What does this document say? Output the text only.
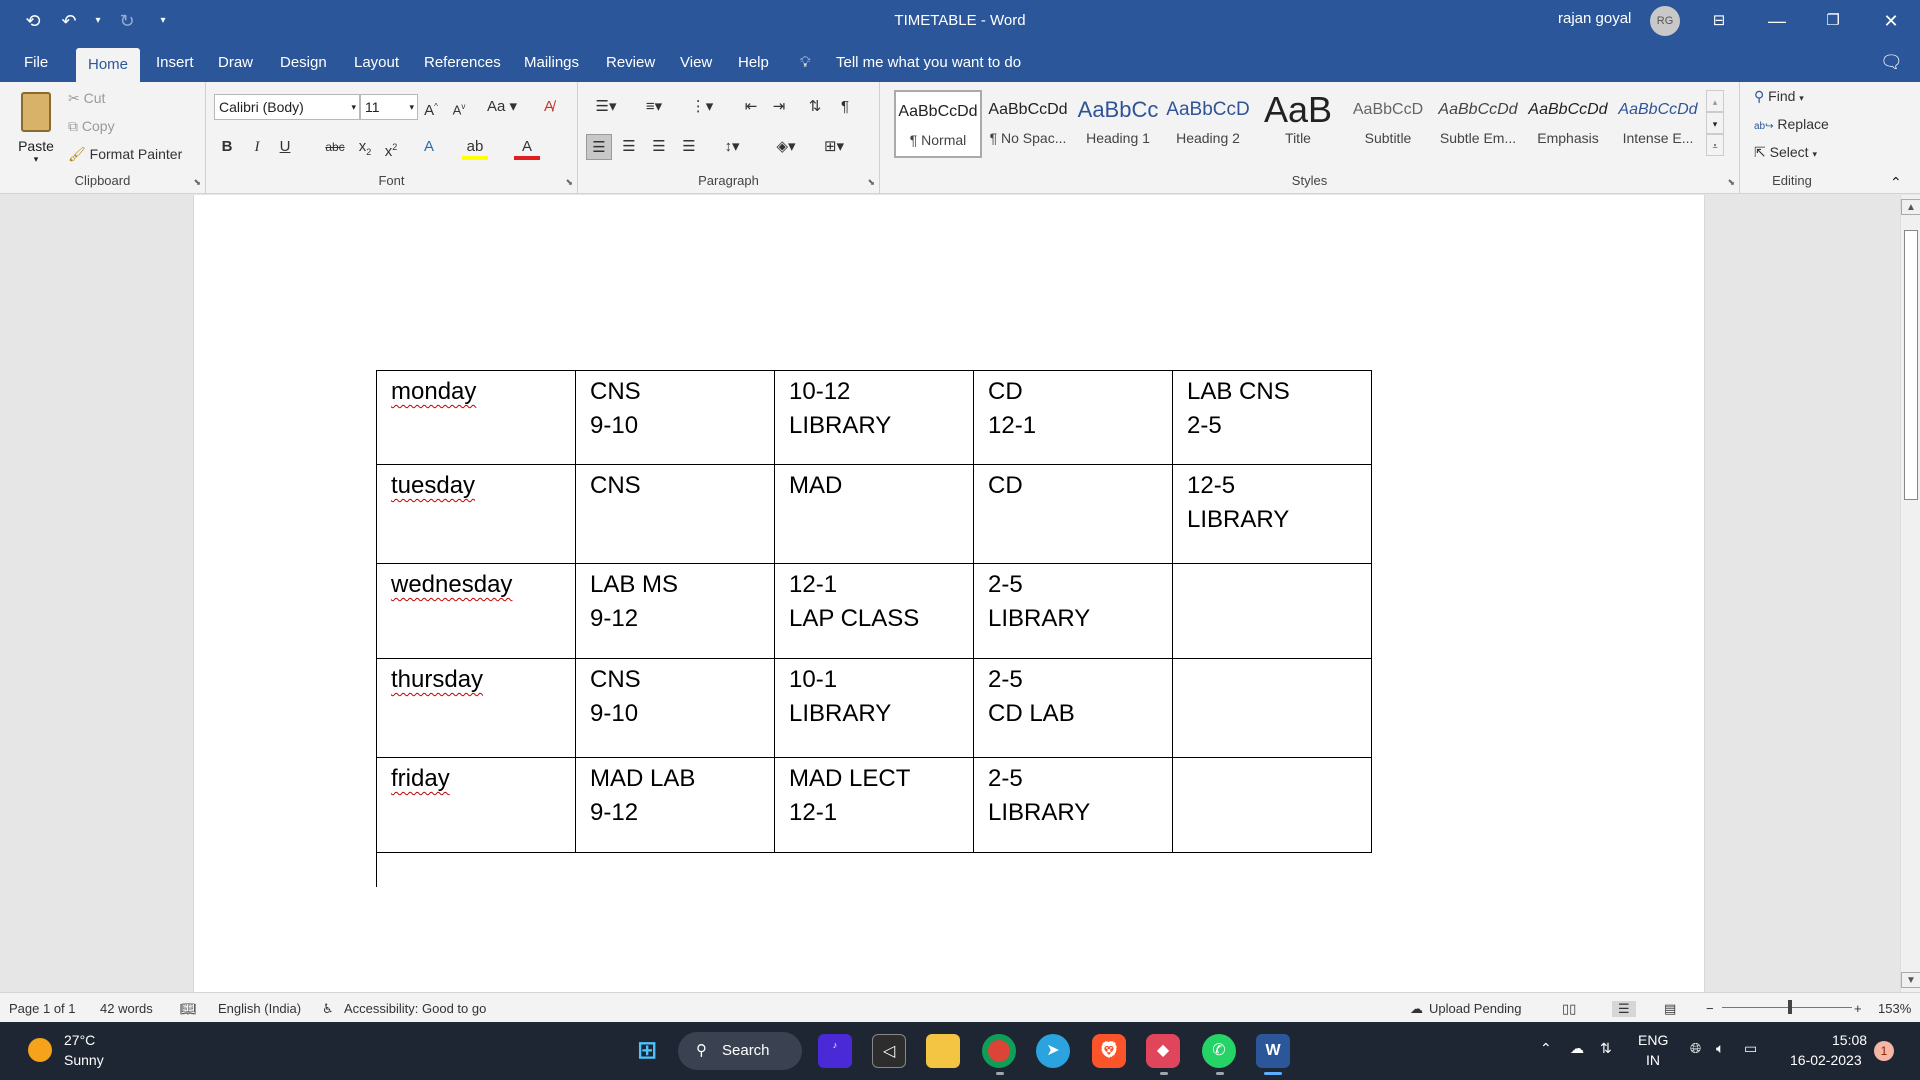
⟲	↶	▾	↻	▾	TIMETABLE - Word	rajan goyal	RG	⊟	—	❐	✕
File	Home	Insert	Draw	Design	Layout	References	Mailings	Review	View	Help	💡︎ Tell me what you want to do	🗨︎
Paste
▾
✂︎ Cut
⧉ Copy
🖌︎ Format Painter
Clipboard	⬊
Calibri (Body)	▾ 11	▾ A^	$A^v$	Aa ▾	A̸
B	I	U	abc $x_2$ $x^2$	A	ab	A
Font	⬊
☰▾	≡▾	⋮▾	⇤	⇥	⇅	¶
☰	☰	☰	☰	↕▾	◈▾	⊞▾
Paragraph	⬊
AaBbCcDd
¶ Normal
AaBbCcDd
¶ No Spac...
AaBbCc
Heading 1
AaBbCcD
Heading 2
AaB
Title
AaBbCcD
Subtitle
AaBbCcDd
Subtle Em...
AaBbCcDd
Emphasis
AaBbCcDd
Intense E...
▴
▾
⩡
Styles	⬊
⚲ Find ▾
ab↪ Replace
⇱ Select ▾
Editing	⌃
monday	CNS
9-10	10-12
LIBRARY	CD
12-1	LAB CNS
2-5

tuesday	CNS	MAD	CD	12-5
LIBRARY

wednesday	LAB MS
9-12	12-1
LAP CLASS	2-5
LIBRARY	

thursday	CNS
9-10	10-1
LIBRARY	2-5
CD LAB	

friday	MAD LAB
9-12	MAD LECT
12-1	2-5
LIBRARY	

▲
▼
Page 1 of 1 42 words 📖︎ English (India) ♿︎ Accessibility: Good to go	☁︎ Upload Pending	▯▯	☰	▤ −	+ 153%
27°C
Sunny	⊞	⚲ Search	♪	◁	➤	🦁︎	◆	✆	W	⌃ ☁︎ ⇅ ENG
IN
🌐︎ 🔈︎ ▭	15:08
16-02-2023
1
